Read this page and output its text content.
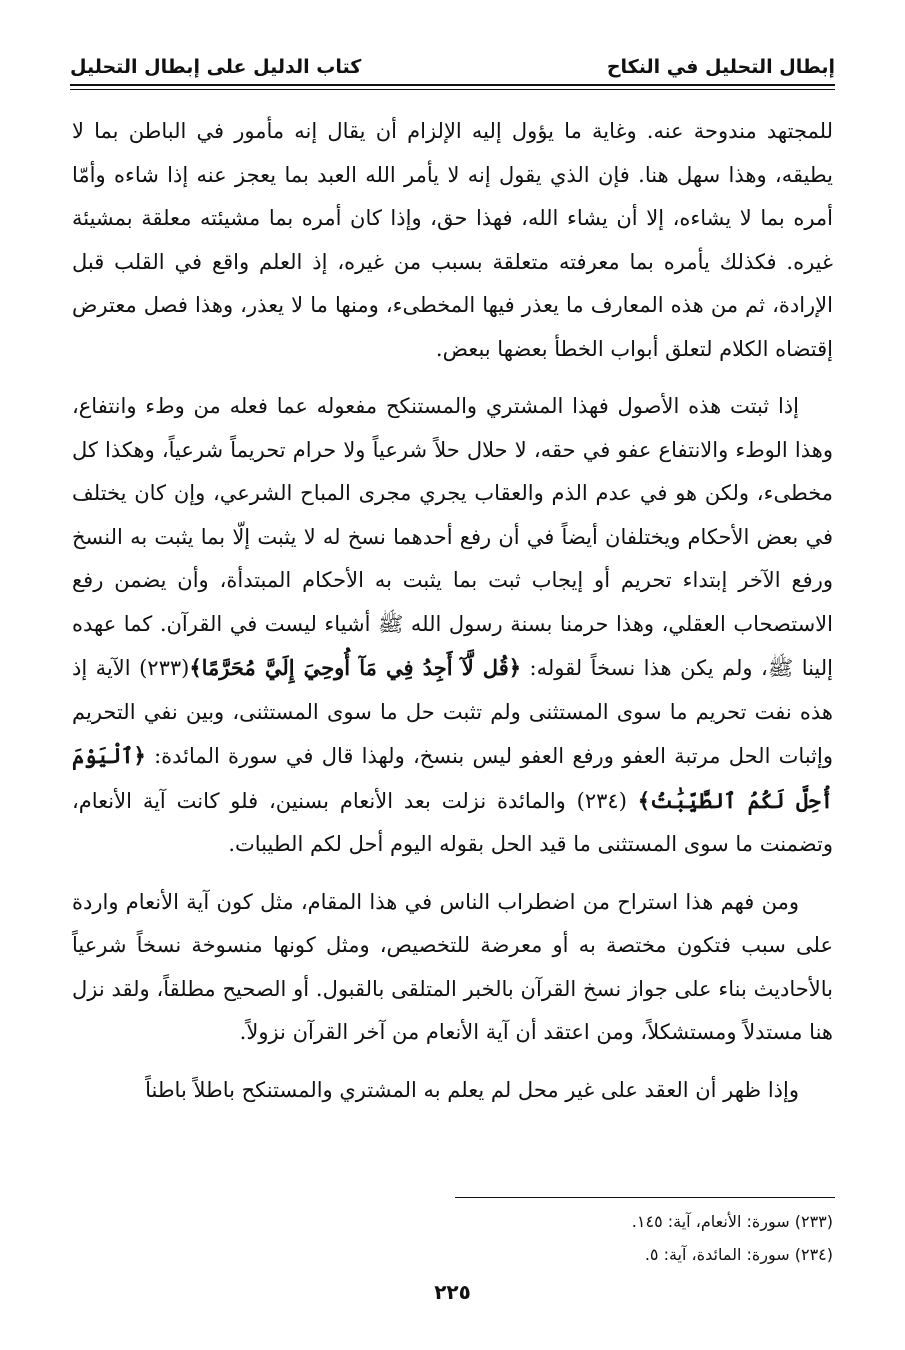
إبطال التحليل في النكاح
كتاب الدليل على إبطال التحليل

للمجتهد مندوحة عنه. وغاية ما يؤول إليه الإلزام أن يقال إنه مأمور في الباطن بما لا يطيقه، وهذا سهل هنا. فإن الذي يقول إنه لا يأمر الله العبد بما يعجز عنه إذا شاءه وأمّا أمره بما لا يشاءه، إلا أن يشاء الله، فهذا حق، وإذا كان أمره بما مشيئته معلقة بمشيئة غيره. فكذلك يأمره بما معرفته متعلقة بسبب من غيره، إذ العلم واقع في القلب قبل الإرادة، ثم من هذه المعارف ما يعذر فيها المخطىء، ومنها ما لا يعذر، وهذا فصل معترض إقتضاه الكلام لتعلق أبواب الخطأ بعضها ببعض.

إذا ثبتت هذه الأصول فهذا المشتري والمستنكح مفعوله عما فعله من وطء وانتفاع، وهذا الوطء والانتفاع عفو في حقه، لا حلال حلاً شرعياً ولا حرام تحريماً شرعياً، وهكذا كل مخطىء، ولكن هو في عدم الذم والعقاب يجري مجرى المباح الشرعي، وإن كان يختلف في بعض الأحكام ويختلفان أيضاً في أن رفع أحدهما نسخ له لا يثبت إلّا بما يثبت به النسخ ورفع الآخر إبتداء تحريم أو إيجاب ثبت بما يثبت به الأحكام المبتدأة، وأن يضمن رفع الاستصحاب العقلي، وهذا حرمنا بسنة رسول الله ﷺ أشياء ليست في القرآن. كما عهده إلينا ﷺ، ولم يكن هذا نسخاً لقوله: ﴿قُل لَّآ أَجِدُ فِي مَآ أُوحِيَ إِلَيَّ مُحَرَّمًا﴾(٢٣٣) الآية إذ هذه نفت تحريم ما سوى المستثنى ولم تثبت حل ما سوى المستثنى، وبين نفي التحريم وإثبات الحل مرتبة العفو ورفع العفو ليس بنسخ، ولهذا قال في سورة المائدة: ﴿ٱلْيَوْمَ أُحِلَّ لَكُمُ ٱلطَّيِّبَٰتُ﴾ (٢٣٤) والمائدة نزلت بعد الأنعام بسنين، فلو كانت آية الأنعام، وتضمنت ما سوى المستثنى ما قيد الحل بقوله اليوم أحل لكم الطيبات.

ومن فهم هذا استراح من اضطراب الناس في هذا المقام، مثل كون آية الأنعام واردة على سبب فتكون مختصة به أو معرضة للتخصيص، ومثل كونها منسوخة نسخاً شرعياً بالأحاديث بناء على جواز نسخ القرآن بالخبر المتلقى بالقبول. أو الصحيح مطلقاً، ولقد نزل هنا مستدلاً ومستشكلاً، ومن اعتقد أن آية الأنعام من آخر القرآن نزولاً.

وإذا ظهر أن العقد على غير محل لم يعلم به المشتري والمستنكح باطلاً باطناً

(٢٣٣) سورة: الأنعام، آية: ١٤٥.
(٢٣٤) سورة: المائدة، آية: ٥.
٢٢٥
